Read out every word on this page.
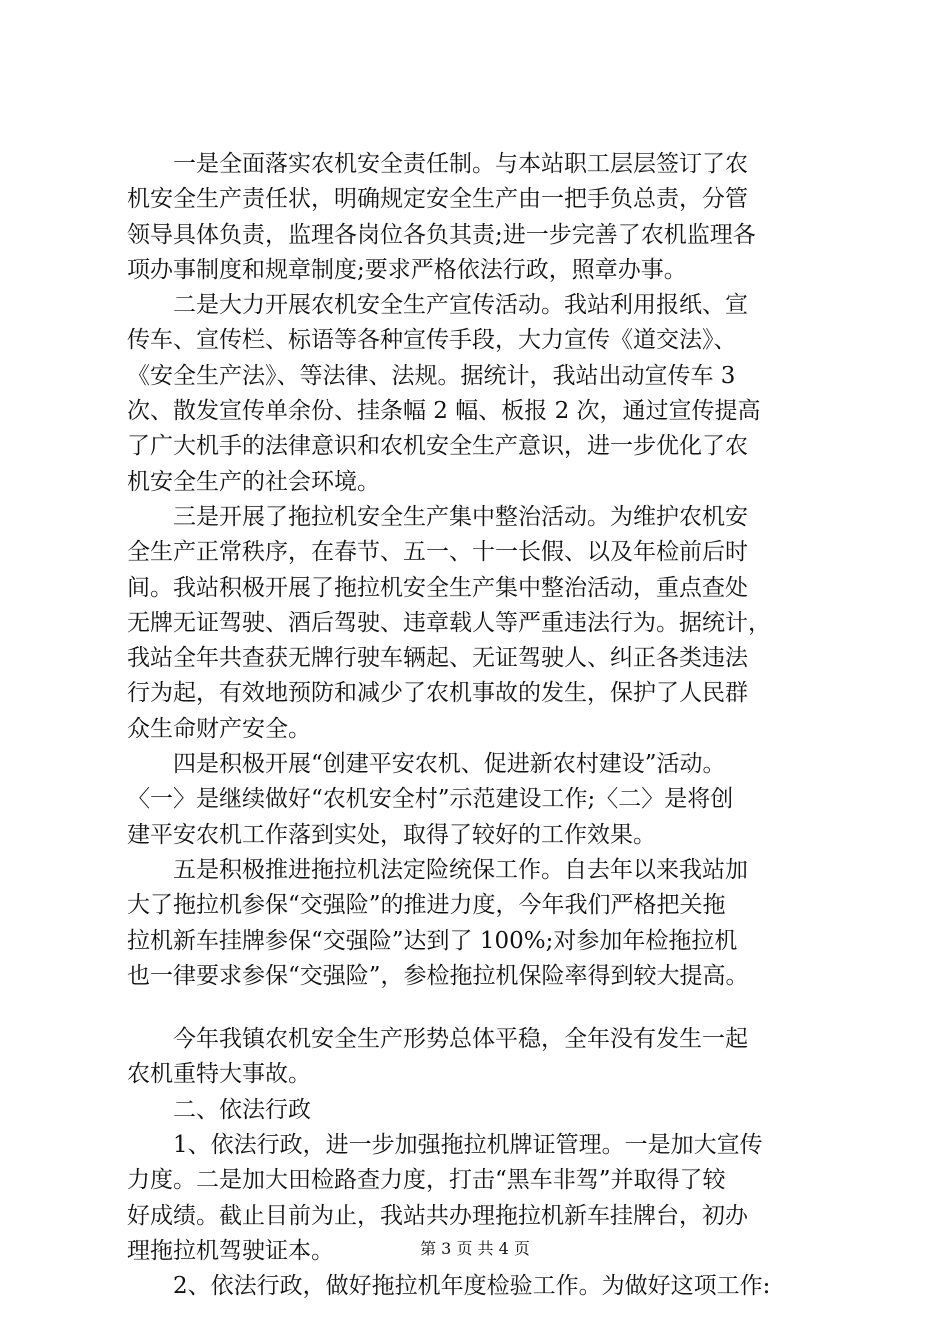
一是全面落实农机安全责任制。与本站职工层层签订了农
机安全生产责任状，明确规定安全生产由一把手负总责，分管
领导具体负责，监理各岗位各负其责;进一步完善了农机监理各
项办事制度和规章制度;要求严格依法行政，照章办事。
二是大力开展农机安全生产宣传活动。我站利用报纸、宣
传车、宣传栏、标语等各种宣传手段，大力宣传《道交法》、
《安全生产法》、等法律、法规。据统计，我站出动宣传车 3
次、散发宣传单余份、挂条幅 2 幅、板报 2 次，通过宣传提高
了广大机手的法律意识和农机安全生产意识，进一步优化了农
机安全生产的社会环境。
三是开展了拖拉机安全生产集中整治活动。为维护农机安
全生产正常秩序，在春节、五一、十一长假、以及年检前后时
间。我站积极开展了拖拉机安全生产集中整治活动，重点查处
无牌无证驾驶、酒后驾驶、违章载人等严重违法行为。据统计，
我站全年共查获无牌行驶车辆起、无证驾驶人、纠正各类违法
行为起，有效地预防和减少了农机事故的发生，保护了人民群
众生命财产安全。
四是积极开展“创建平安农机、促进新农村建设”活动。
〈一〉是继续做好“农机安全村”示范建设工作;〈二〉是将创
建平安农机工作落到实处，取得了较好的工作效果。
五是积极推进拖拉机法定险统保工作。自去年以来我站加
大了拖拉机参保“交强险”的推进力度，今年我们严格把关拖
拉机新车挂牌参保“交强险”达到了 100%;对参加年检拖拉机
也一律要求参保“交强险”，参检拖拉机保险率得到较大提高。
今年我镇农机安全生产形势总体平稳，全年没有发生一起
农机重特大事故。
二、依法行政
1、依法行政，进一步加强拖拉机牌证管理。一是加大宣传
力度。二是加大田检路查力度，打击“黑车非驾”并取得了较
好成绩。截止目前为止，我站共办理拖拉机新车挂牌台，初办
理拖拉机驾驶证本。
2、依法行政，做好拖拉机年度检验工作。为做好这项工作:
第 3 页 共 4 页
